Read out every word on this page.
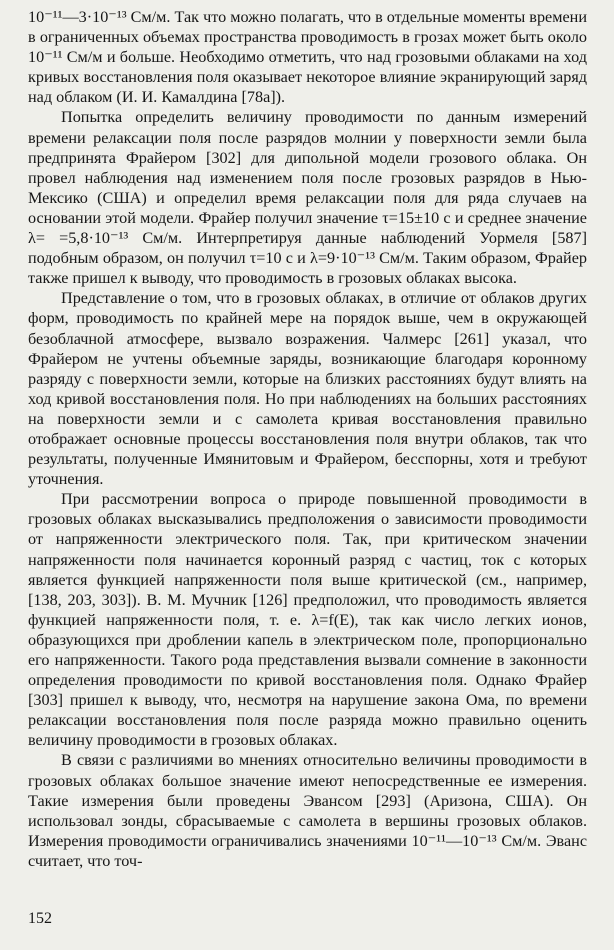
10⁻¹¹—3·10⁻¹³ См/м. Так что можно полагать, что в отдельные моменты времени в ограниченных объемах пространства проводимость в грозах может быть около 10⁻¹¹ См/м и больше. Необходимо отметить, что над грозовыми облаками на ход кривых восстановления поля оказывает некоторое влияние экранирующий заряд над облаком (И. И. Камалдина [78а]).

Попытка определить величину проводимости по данным измерений времени релаксации поля после разрядов молнии у поверхности земли была предпринята Фрайером [302] для дипольной модели грозового облака. Он провел наблюдения над изменением поля после грозовых разрядов в Нью-Мексико (США) и определил время релаксации поля для ряда случаев на основании этой модели. Фрайер получил значение τ=15±10 с и среднее значение λ= =5,8·10⁻¹³ См/м. Интерпретируя данные наблюдений Уормеля [587] подобным образом, он получил τ=10 с и λ=9·10⁻¹³ См/м. Таким образом, Фрайер также пришел к выводу, что проводимость в грозовых облаках высока.

Представление о том, что в грозовых облаках, в отличие от облаков других форм, проводимость по крайней мере на порядок выше, чем в окружающей безоблачной атмосфере, вызвало возражения. Чалмерс [261] указал, что Фрайером не учтены объемные заряды, возникающие благодаря коронному разряду с поверхности земли, которые на близких расстояниях будут влиять на ход кривой восстановления поля. Но при наблюдениях на больших расстояниях на поверхности земли и с самолета кривая восстановления правильно отображает основные процессы восстановления поля внутри облаков, так что результаты, полученные Имянитовым и Фрайером, бесспорны, хотя и требуют уточнения.

При рассмотрении вопроса о природе повышенной проводимости в грозовых облаках высказывались предположения о зависимости проводимости от напряженности электрического поля. Так, при критическом значении напряженности поля начинается коронный разряд с частиц, ток с которых является функцией напряженности поля выше критической (см., например, [138, 203, 303]). В. М. Мучник [126] предположил, что проводимость является функцией напряженности поля, т. е. λ=f(E), так как число легких ионов, образующихся при дроблении капель в электрическом поле, пропорционально его напряженности. Такого рода представления вызвали сомнение в законности определения проводимости по кривой восстановления поля. Однако Фрайер [303] пришел к выводу, что, несмотря на нарушение закона Ома, по времени релаксации восстановления поля после разряда можно правильно оценить величину проводимости в грозовых облаках.

В связи с различиями во мнениях относительно величины проводимости в грозовых облаках большое значение имеют непосредственные ее измерения. Такие измерения были проведены Эвансом [293] (Аризона, США). Он использовал зонды, сбрасываемые с самолета в вершины грозовых облаков. Измерения проводимости ограничивались значениями 10⁻¹¹—10⁻¹³ См/м. Эванс считает, что точ-

152
